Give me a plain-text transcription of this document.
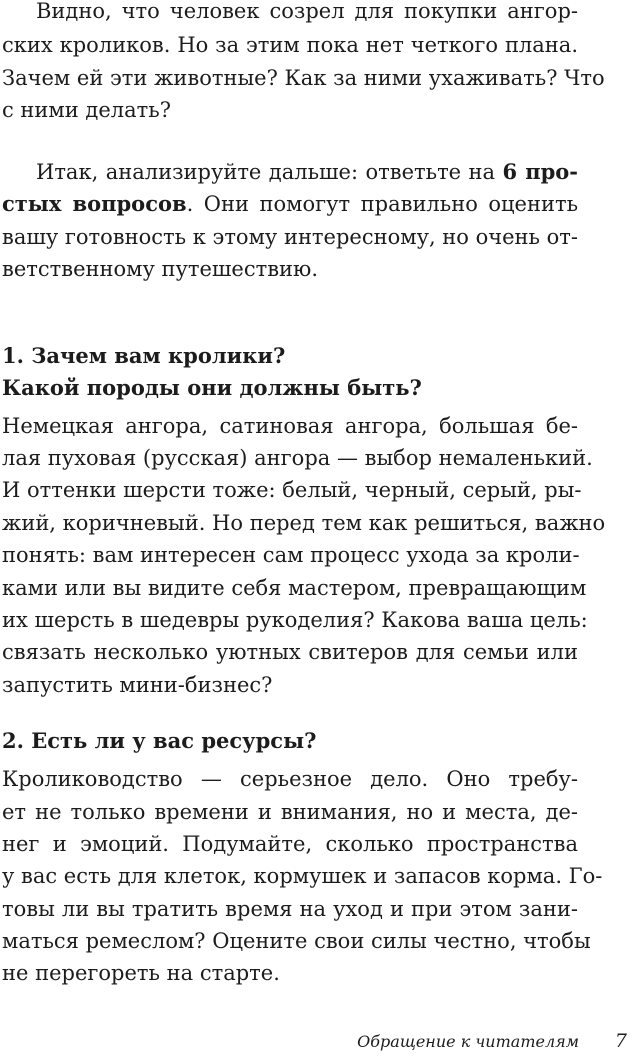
Видно, что человек созрел для покупки ангор-
ских кроликов. Но за этим пока нет четкого плана.
Зачем ей эти животные? Как за ними ухаживать? Что
с ними делать?
Итак, анализируйте дальше: ответьте на 6 про-
стых вопросов. Они помогут правильно оценить
вашу готовность к этому интересному, но очень от-
ветственному путешествию.
1. Зачем вам кролики?
Какой породы они должны быть?
Немецкая ангора, сатиновая ангора, большая бе-
лая пуховая (русская) ангора — выбор немаленький.
И оттенки шерсти тоже: белый, черный, серый, ры-
жий, коричневый. Но перед тем как решиться, важно
понять: вам интересен сам процесс ухода за кроли-
ками или вы видите себя мастером, превращающим
их шерсть в шедевры рукоделия? Какова ваша цель:
связать несколько уютных свитеров для семьи или
запустить мини-бизнес?
2. Есть ли у вас ресурсы?
Кролиководство — серьезное дело. Оно требу-
ет не только времени и внимания, но и места, де-
нег и эмоций. Подумайте, сколько пространства
у вас есть для клеток, кормушек и запасов корма. Го-
товы ли вы тратить время на уход и при этом зани-
маться ремеслом? Оцените свои силы честно, чтобы
не перегореть на старте.
Обращение к читателям 7
